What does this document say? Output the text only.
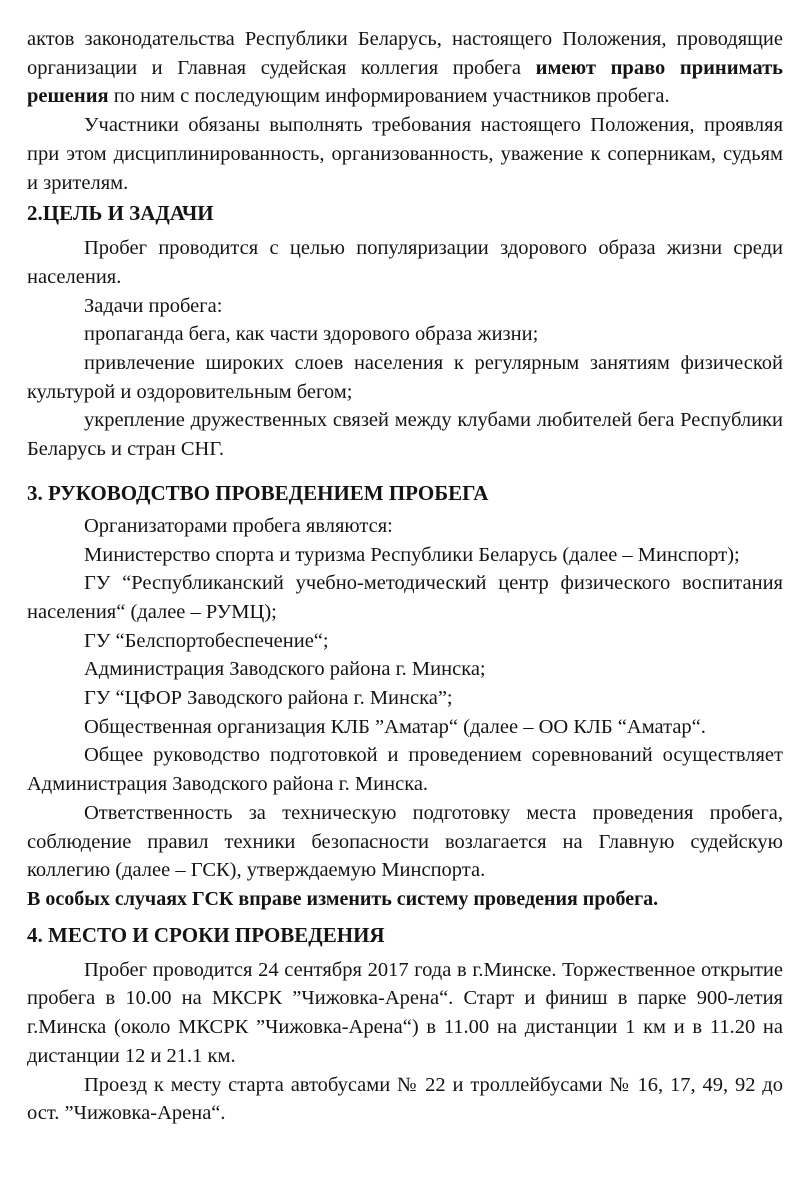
актов законодательства Республики Беларусь, настоящего Положения, проводящие организации и Главная судейская коллегия пробега имеют право принимать решения по ним с последующим информированием участников пробега.

Участники обязаны выполнять требования настоящего Положения, проявляя при этом дисциплинированность, организованность, уважение к соперникам, судьям и зрителям.

2.ЦЕЛЬ И ЗАДАЧИ

Пробег проводится с целью популяризации здорового образа жизни среди населения.

Задачи пробега:

пропаганда бега, как части здорового образа жизни;

привлечение широких слоев населения к регулярным занятиям физической культурой и оздоровительным бегом;

укрепление дружественных связей между клубами любителей бега Республики Беларусь и стран СНГ.

3. РУКОВОДСТВО ПРОВЕДЕНИЕМ ПРОБЕГА

Организаторами пробега являются:

Министерство спорта и туризма Республики Беларусь (далее – Минспорт);

ГУ “Республиканский учебно-методический центр физического воспитания населения“ (далее – РУМЦ);

ГУ “Белспортобеспечение“;

Администрация Заводского района г. Минска;

ГУ “ЦФОР Заводского района г. Минска”;

Общественная организация КЛБ ”Аматар“ (далее – ОО КЛБ “Аматар“.

Общее руководство подготовкой и проведением соревнований осуществляет Администрация Заводского района г. Минска.

Ответственность за техническую подготовку места проведения пробега, соблюдение правил техники безопасности возлагается на Главную судейскую коллегию (далее – ГСК), утверждаемую Минспорта.

В особых случаях ГСК вправе изменить систему проведения пробега.

4. МЕСТО И СРОКИ ПРОВЕДЕНИЯ

Пробег проводится 24 сентября 2017 года в г.Минске. Торжественное открытие пробега в 10.00 на МКСРК ”Чижовка-Арена“. Старт и финиш в парке 900-летия г.Минска (около МКСРК ”Чижовка-Арена“) в 11.00 на дистанции 1 км и в 11.20 на дистанции 12 и 21.1 км.

Проезд к месту старта автобусами № 22 и троллейбусами № 16, 17, 49, 92 до ост. ”Чижовка-Арена“.
